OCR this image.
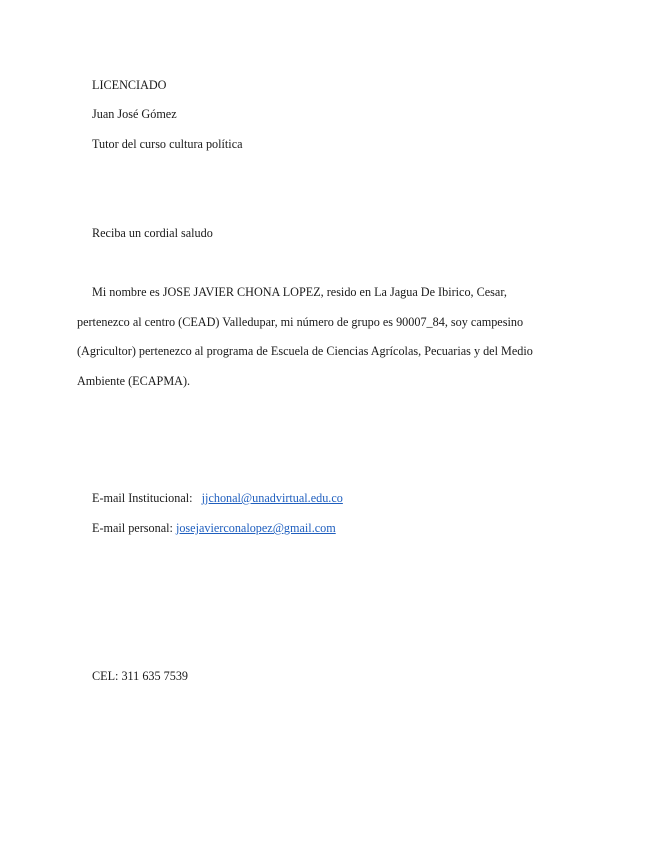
LICENCIADO
Juan José Gómez
Tutor del curso cultura política
Reciba un cordial saludo
Mi nombre es JOSE JAVIER CHONA LOPEZ, resido en La Jagua De Ibirico, Cesar,
pertenezco al centro (CEAD) Valledupar, mi número de grupo es 90007_84, soy campesino
(Agricultor) pertenezco al programa de Escuela de Ciencias Agrícolas, Pecuarias y del Medio
Ambiente (ECAPMA).
E-mail Institucional: jjchonal@unadvirtual.edu.co
E-mail personal: josejavierconalopez@gmail.com
CEL: 311 635 7539
